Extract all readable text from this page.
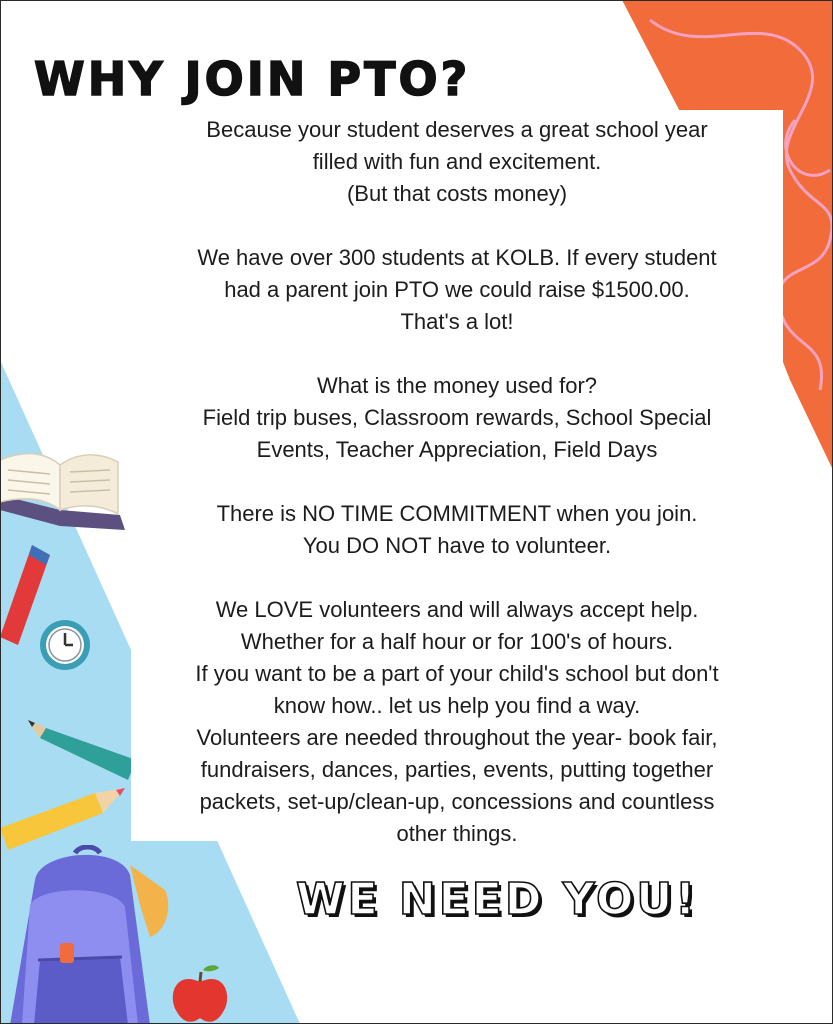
WHY JOIN PTO?

Because your student deserves a great school year
filled with fun and excitement.
(But that costs money)
We have over 300 students at KOLB. If every student
had a parent join PTO we could raise $1500.00.
That's a lot!
What is the money used for?
Field trip buses, Classroom rewards, School Special
Events, Teacher Appreciation, Field Days
There is NO TIME COMMITMENT when you join.
You DO NOT have to volunteer.
We LOVE volunteers and will always accept help.
Whether for a half hour or for 100's of hours.
If you want to be a part of your child's school but don't
know how.. let us help you find a way.
Volunteers are needed throughout the year- book fair,
fundraisers, dances, parties, events, putting together
packets, set-up/clean-up, concessions and countless
other things.

WE NEED YOU!
